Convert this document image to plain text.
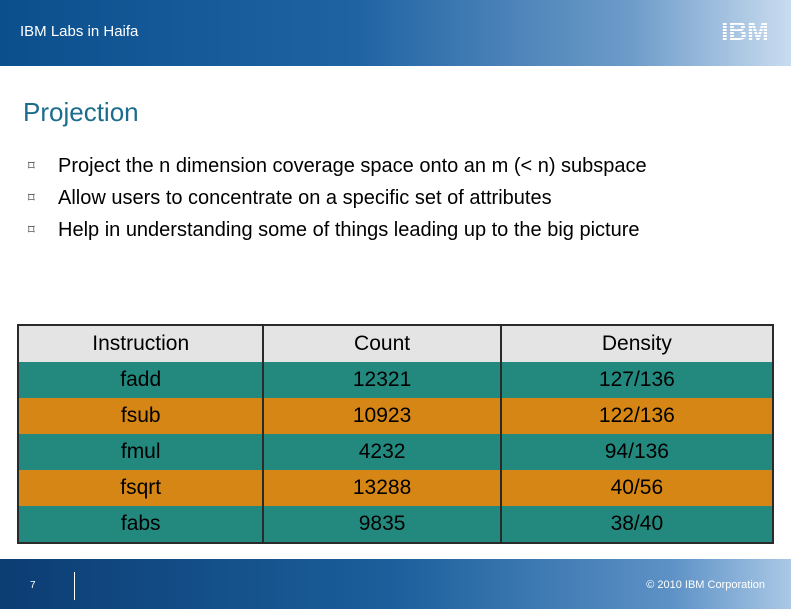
IBM Labs in Haifa	IBM
Projection
⌑ Project the n dimension coverage space onto an m (< n) subspace
⌑ Allow users to concentrate on a specific set of attributes
⌑ Help in understanding some of things leading up to the big picture
Instruction	Count	Density
fadd	12321	127/136
fsub	10923	122/136
fmul	4232	94/136
fsqrt	13288	40/56
fabs	9835	38/40
7	© 2010 IBM Corporation
